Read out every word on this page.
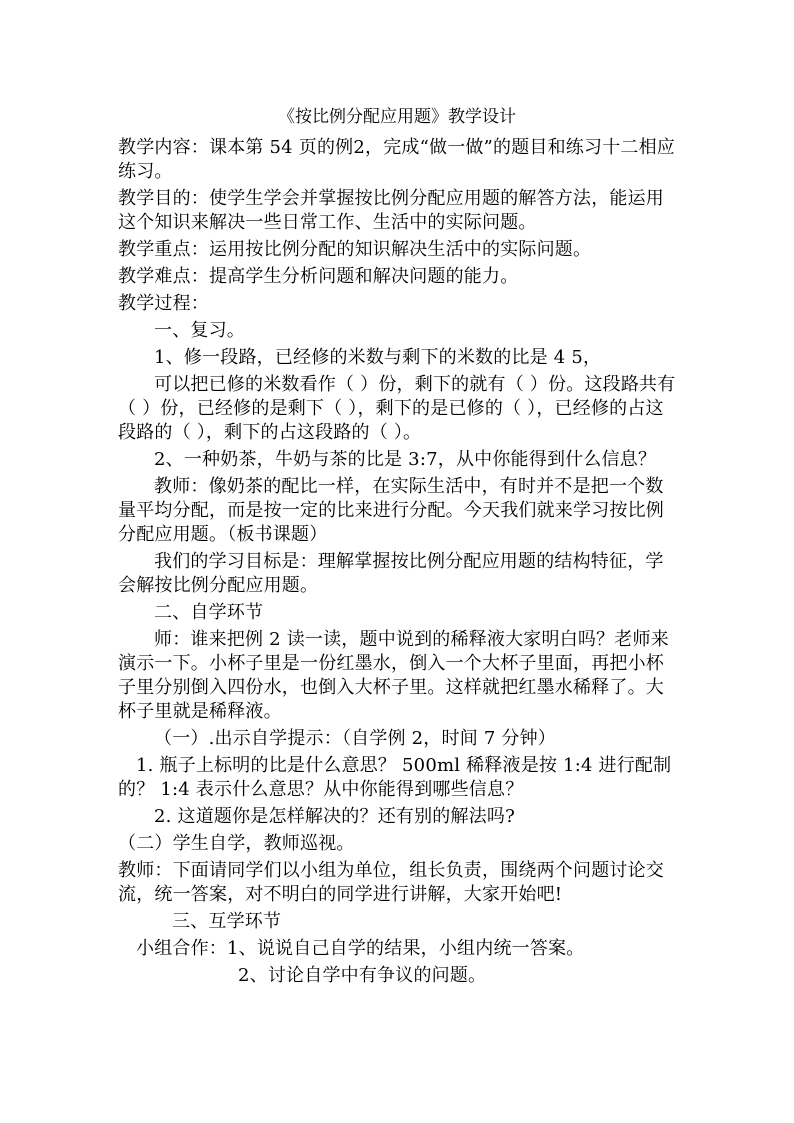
《按比例分配应用题》教学设计

教学内容：课本第 54 页的例2，完成“做一做”的题目和练习十二相应练习。

教学目的：使学生学会并掌握按比例分配应用题的解答方法，能运用这个知识来解决一些日常工作、生活中的实际问题。

教学重点：运用按比例分配的知识解决生活中的实际问题。

教学难点：提高学生分析问题和解决问题的能力。

教学过程：

一、复习。

1、修一段路，已经修的米数与剩下的米数的比是 4 5，

可以把已修的米数看作（ ）份，剩下的就有（ ）份。这段路共有（ ）份，已经修的是剩下（ ），剩下的是已修的（ ），已经修的占这段路的（ ），剩下的占这段路的（ ）。

2、一种奶茶，牛奶与茶的比是 3:7，从中你能得到什么信息？

教师：像奶茶的配比一样，在实际生活中，有时并不是把一个数量平均分配，而是按一定的比来进行分配。今天我们就来学习按比例分配应用题。（板书课题）

我们的学习目标是：理解掌握按比例分配应用题的结构特征，学会解按比例分配应用题。

二、自学环节

师：谁来把例 2 读一读，题中说到的稀释液大家明白吗？老师来演示一下。小杯子里是一份红墨水，倒入一个大杯子里面，再把小杯子里分别倒入四份水，也倒入大杯子里。这样就把红墨水稀释了。大杯子里就是稀释液。

（一）.出示自学提示：（自学例 2，时间 7 分钟）

1. 瓶子上标明的比是什么意思？ 500ml 稀释液是按 1:4 进行配制的？ 1:4 表示什么意思？从中你能得到哪些信息？

2. 这道题你是怎样解决的？还有别的解法吗?

（二）学生自学，教师巡视。

教师：下面请同学们以小组为单位，组长负责，围绕两个问题讨论交流，统一答案，对不明白的同学进行讲解，大家开始吧!

三、互学环节

小组合作：1、说说自己自学的结果，小组内统一答案。

2、讨论自学中有争议的问题。
